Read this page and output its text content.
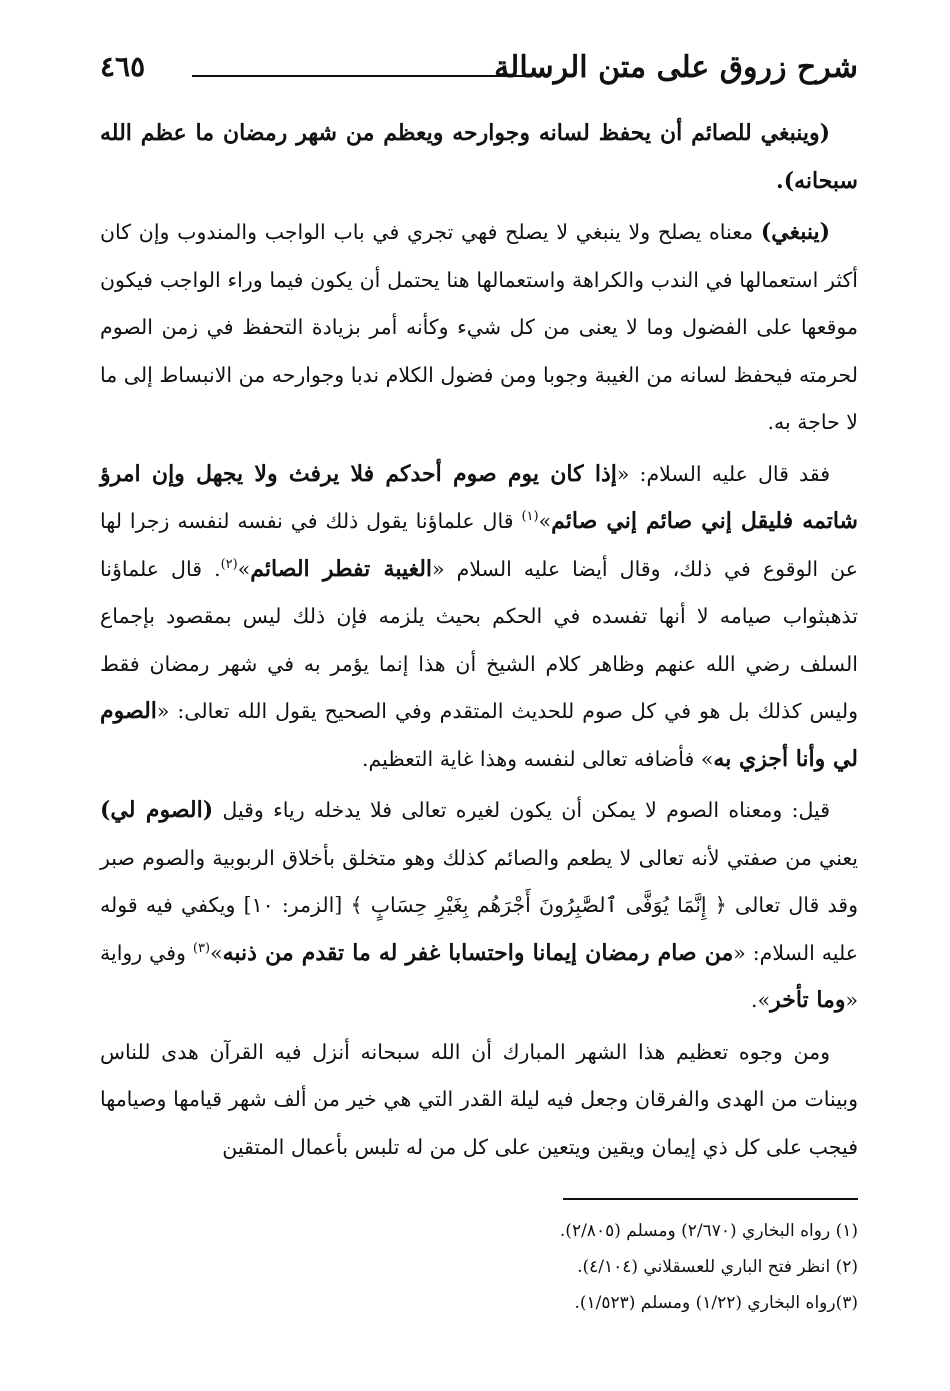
شرح زروق على متن الرسالة
٤٦٥

(وينبغي للصائم أن يحفظ لسانه وجوارحه ويعظم من شهر رمضان ما عظم الله سبحانه).

(ينبغي) معناه يصلح ولا ينبغي لا يصلح فهي تجري في باب الواجب والمندوب وإن كان أكثر استعمالها في الندب والكراهة واستعمالها هنا يحتمل أن يكون فيما وراء الواجب فيكون موقعها على الفضول وما لا يعنى من كل شيء وكأنه أمر بزيادة التحفظ في زمن الصوم لحرمته فيحفظ لسانه من الغيبة وجوبا ومن فضول الكلام ندبا وجوارحه من الانبساط إلى ما لا حاجة به.

فقد قال عليه السلام: «إذا كان يوم صوم أحدكم فلا يرفث ولا يجهل وإن امرؤ شاتمه فليقل إني صائم إني صائم»$^{(١)}$ قال علماؤنا يقول ذلك في نفسه لنفسه زجرا لها عن الوقوع في ذلك، وقال أيضا عليه السلام «الغيبة تفطر الصائم»$^{(٢)}$. قال علماؤنا تذهبثواب صيامه لا أنها تفسده في الحكم بحيث يلزمه فإن ذلك ليس بمقصود بإجماع السلف رضي الله عنهم وظاهر كلام الشيخ أن هذا إنما يؤمر به في شهر رمضان فقط وليس كذلك بل هو في كل صوم للحديث المتقدم وفي الصحيح يقول الله تعالى: «الصوم لي وأنا أجزي به» فأضافه تعالى لنفسه وهذا غاية التعظيم.

قيل: ومعناه الصوم لا يمكن أن يكون لغيره تعالى فلا يدخله رياء وقيل (الصوم لي) يعني من صفتي لأنه تعالى لا يطعم والصائم كذلك وهو متخلق بأخلاق الربوبية والصوم صبر وقد قال تعالى ﴿ إِنَّمَا يُوَفَّى ٱلصَّٰبِرُونَ أَجْرَهُم بِغَيْرِ حِسَابٍ ﴾ [الزمر: ١٠] ويكفي فيه قوله عليه السلام: «من صام رمضان إيمانا واحتسابا غفر له ما تقدم من ذنبه»$^{(٣)}$ وفي رواية «وما تأخر».

ومن وجوه تعظيم هذا الشهر المبارك أن الله سبحانه أنزل فيه القرآن هدى للناس وبينات من الهدى والفرقان وجعل فيه ليلة القدر التي هي خير من ألف شهر قيامها وصيامها فيجب على كل ذي إيمان ويقين ويتعين على كل من له تلبس بأعمال المتقين

(١) رواه البخاري (٢/٦٧٠) ومسلم (٢/٨٠٥).
(٢) انظر فتح الباري للعسقلاني (٤/١٠٤).
(٣)رواه البخاري (١/٢٢) ومسلم (١/٥٢٣).
